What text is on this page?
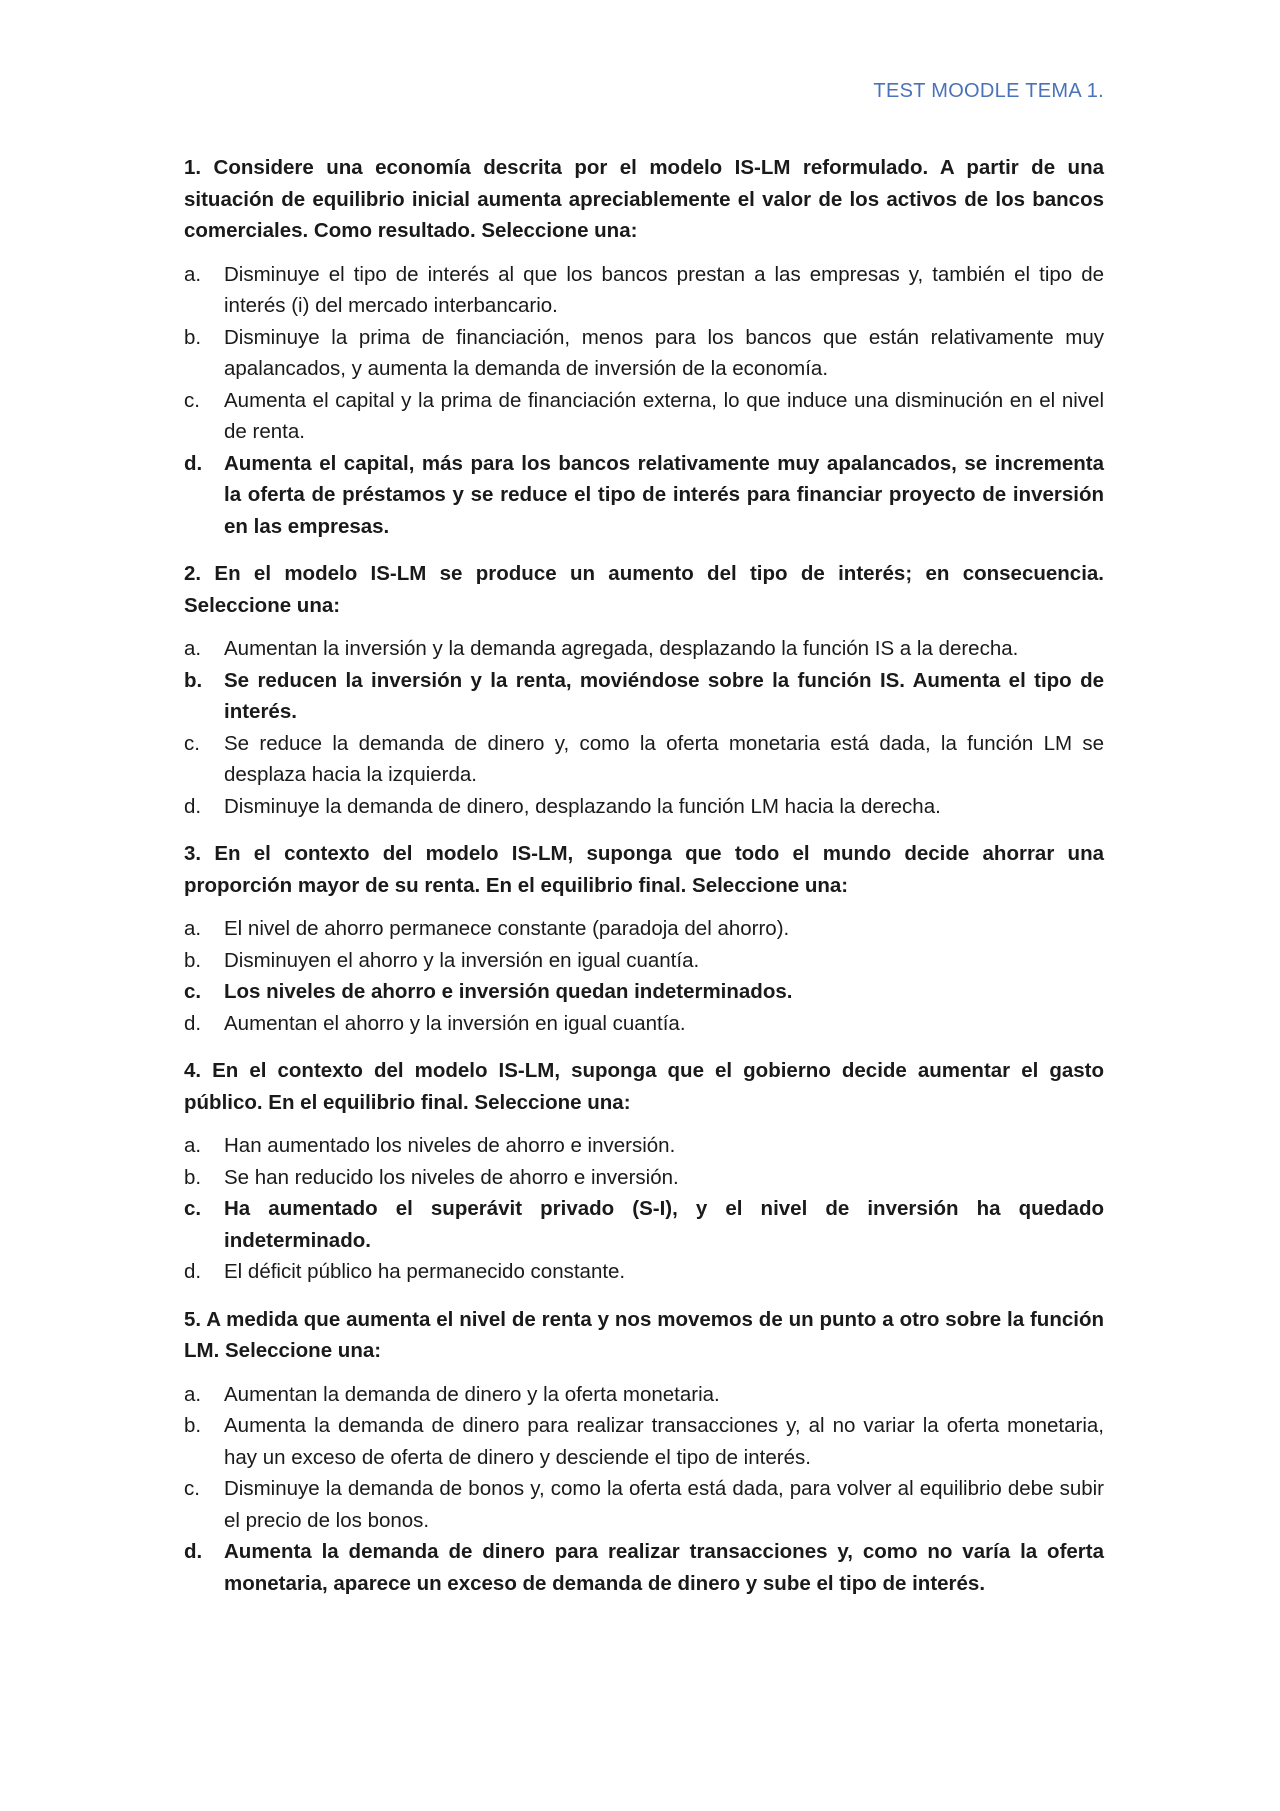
TEST MOODLE TEMA 1.

1. Considere una economía descrita por el modelo IS-LM reformulado. A partir de una situación de equilibrio inicial aumenta apreciablemente el valor de los activos de los bancos comerciales. Como resultado. Seleccione una:

a.	Disminuye el tipo de interés al que los bancos prestan a las empresas y, también el tipo de interés (i) del mercado interbancario.
b.	Disminuye la prima de financiación, menos para los bancos que están relativamente muy apalancados, y aumenta la demanda de inversión de la economía.
c.	Aumenta el capital y la prima de financiación externa, lo que induce una disminución en el nivel de renta.
d.	Aumenta el capital, más para los bancos relativamente muy apalancados, se incrementa la oferta de préstamos y se reduce el tipo de interés para financiar proyecto de inversión en las empresas.

2. En el modelo IS-LM se produce un aumento del tipo de interés; en consecuencia. Seleccione una:

a.	Aumentan la inversión y la demanda agregada, desplazando la función IS a la derecha.
b.	Se reducen la inversión y la renta, moviéndose sobre la función IS. Aumenta el tipo de interés.
c.	Se reduce la demanda de dinero y, como la oferta monetaria está dada, la función LM se desplaza hacia la izquierda.
d.	Disminuye la demanda de dinero, desplazando la función LM hacia la derecha.

3. En el contexto del modelo IS-LM, suponga que todo el mundo decide ahorrar una proporción mayor de su renta. En el equilibrio final. Seleccione una:

a.	El nivel de ahorro permanece constante (paradoja del ahorro).
b.	Disminuyen el ahorro y la inversión en igual cuantía.
c.	Los niveles de ahorro e inversión quedan indeterminados.
d.	Aumentan el ahorro y la inversión en igual cuantía.

4. En el contexto del modelo IS-LM, suponga que el gobierno decide aumentar el gasto público. En el equilibrio final. Seleccione una:

a.	Han aumentado los niveles de ahorro e inversión.
b.	Se han reducido los niveles de ahorro e inversión.
c.	Ha aumentado el superávit privado (S-I), y el nivel de inversión ha quedado indeterminado.
d.	El déficit público ha permanecido constante.

5. A medida que aumenta el nivel de renta y nos movemos de un punto a otro sobre la función LM. Seleccione una:

a.	Aumentan la demanda de dinero y la oferta monetaria.
b.	Aumenta la demanda de dinero para realizar transacciones y, al no variar la oferta monetaria, hay un exceso de oferta de dinero y desciende el tipo de interés.
c.	Disminuye la demanda de bonos y, como la oferta está dada, para volver al equilibrio debe subir el precio de los bonos.
d.	Aumenta la demanda de dinero para realizar transacciones y, como no varía la oferta monetaria, aparece un exceso de demanda de dinero y sube el tipo de interés.
